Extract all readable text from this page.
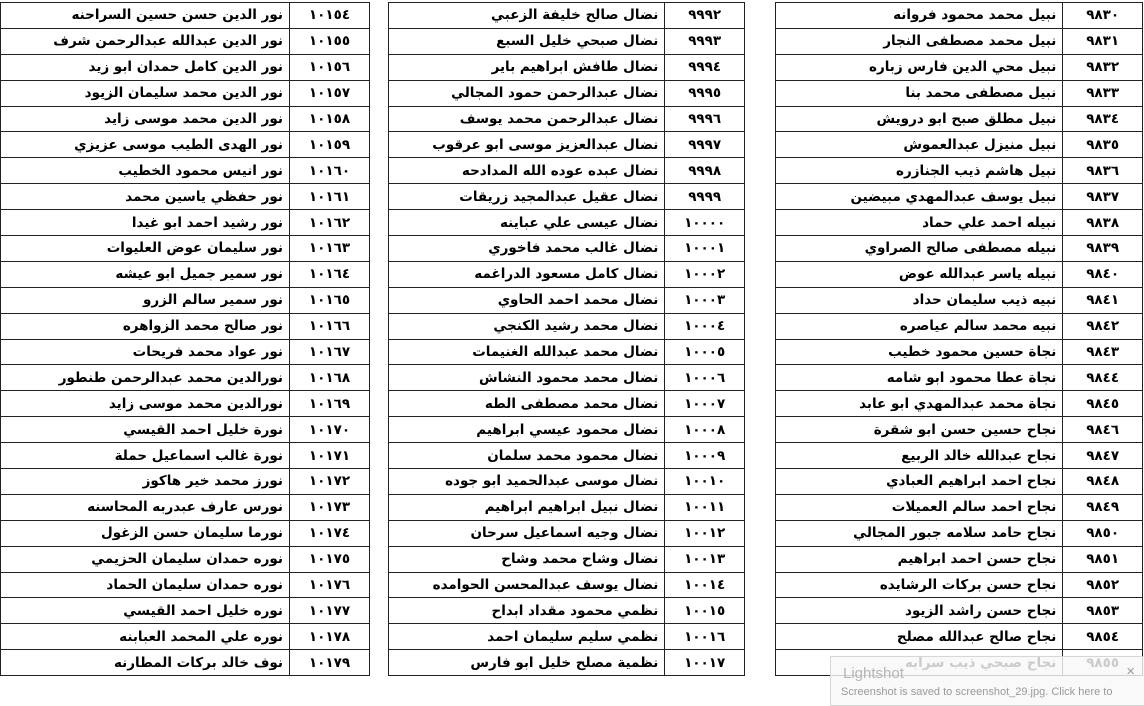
٩٨٣٠	نبيل محمد محمود فروانه
٩٨٣١	نبيل محمد مصطفى النجار
٩٨٣٢	نبيل محي الدين فارس زباره
٩٨٣٣	نبيل مصطفى محمد بنا
٩٨٣٤	نبيل مطلق صبح ابو درويش
٩٨٣٥	نبيل منيزل عبدالعموش
٩٨٣٦	نبيل هاشم ذيب الجنازره
٩٨٣٧	نبيل يوسف عبدالمهدي مبيضين
٩٨٣٨	نبيله احمد علي حماد
٩٨٣٩	نبيله مصطفى صالح الصراوي
٩٨٤٠	نبيله ياسر عبدالله عوض
٩٨٤١	نبيه ذيب سليمان حداد
٩٨٤٢	نبيه محمد سالم عياصره
٩٨٤٣	نجاة حسين محمود خطيب
٩٨٤٤	نجاة عطا محمود ابو شامه
٩٨٤٥	نجاة محمد عبدالمهدي ابو عابد
٩٨٤٦	نجاح حسين حسن ابو شقرة
٩٨٤٧	نجاح عبدالله خالد الربيع
٩٨٤٨	نجاح احمد ابراهيم العبادي
٩٨٤٩	نجاح احمد سالم العميلات
٩٨٥٠	نجاح حامد سلامه جبور المجالي
٩٨٥١	نجاح حسن احمد ابراهيم
٩٨٥٢	نجاح حسن بركات الرشايده
٩٨٥٣	نجاح حسن راشد الزيود
٩٨٥٤	نجاح صالح عبدالله مصلح

٩٩٩٢	نضال صالح خليفة الزعبي
٩٩٩٣	نضال صبحي خليل السبع
٩٩٩٤	نضال طافش ابراهيم باير
٩٩٩٥	نضال عبدالرحمن حمود المجالي
٩٩٩٦	نضال عبدالرحمن محمد يوسف
٩٩٩٧	نضال عبدالعزيز موسى ابو عرقوب
٩٩٩٨	نضال عبده عوده الله المدادحه
٩٩٩٩	نضال عقيل عبدالمجيد زريقات
١٠٠٠٠	نضال عيسى علي عباينه
١٠٠٠١	نضال غالب محمد فاخوري
١٠٠٠٢	نضال كامل مسعود الدراغمه
١٠٠٠٣	نضال محمد احمد الحاوي
١٠٠٠٤	نضال محمد رشيد الكنجي
١٠٠٠٥	نضال محمد عبدالله الغنيمات
١٠٠٠٦	نضال محمد محمود النشاش
١٠٠٠٧	نضال محمد مصطفى الطه
١٠٠٠٨	نضال محمود عيسي ابراهيم
١٠٠٠٩	نضال محمود محمد سلمان
١٠٠١٠	نضال موسى عبدالحميد ابو جوده
١٠٠١١	نضال نبيل ابراهيم ابراهيم
١٠٠١٢	نضال وجيه اسماعيل سرحان
١٠٠١٣	نضال وشاح محمد وشاح
١٠٠١٤	نضال يوسف عبدالمحسن الحوامده
١٠٠١٥	نظمي محمود مقداد ابداح
١٠٠١٦	نظمي سليم سليمان احمد
١٠٠١٧	نظمية مصلح خليل ابو فارس
١٠١٥٤	نور الدين حسن حسين السراحنه
١٠١٥٥	نور الدين عبدالله عبدالرحمن شرف
١٠١٥٦	نور الدين كامل حمدان ابو زيد
١٠١٥٧	نور الدين محمد سليمان الزيود
١٠١٥٨	نور الدين محمد موسى زايد
١٠١٥٩	نور الهدى الطيب موسى عزيزي
١٠١٦٠	نور انيس محمود الخطيب
١٠١٦١	نور حفظي ياسين محمد
١٠١٦٢	نور رشيد احمد ابو غيدا
١٠١٦٣	نور سليمان عوض العليوات
١٠١٦٤	نور سمير جميل ابو عيشه
١٠١٦٥	نور سمير سالم الزرو
١٠١٦٦	نور صالح محمد الزواهره
١٠١٦٧	نور عواد محمد فريحات
١٠١٦٨	نورالدين محمد عبدالرحمن طنطور
١٠١٦٩	نورالدين محمد موسى زايد
١٠١٧٠	نورة خليل احمد القيسي
١٠١٧١	نورة غالب اسماعيل حملة
١٠١٧٢	نورز محمد خير هاكوز
١٠١٧٣	نورس عارف عبدربه المحاسنه
١٠١٧٤	نورما سليمان حسن الزغول
١٠١٧٥	نوره حمدان سليمان الحزيمي
١٠١٧٦	نوره حمدان سليمان الحماد
١٠١٧٧	نوره خليل احمد القيسي
١٠١٧٨	نوره علي المحمد العبابنه
١٠١٧٩	نوف خالد بركات المطارنه
Lightshot
Screenshot is saved to screenshot_29.jpg. Click here to
×
